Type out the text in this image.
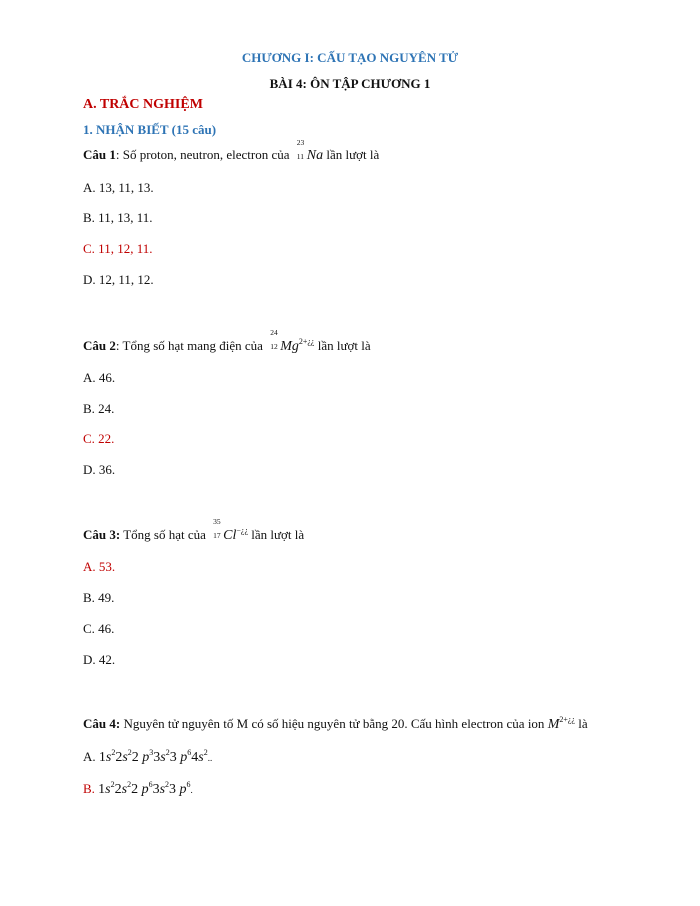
CHƯƠNG I: CẤU TẠO NGUYÊN TỬ
BÀI 4: ÔN TẬP CHƯƠNG 1
A. TRẮC NGHIỆM
1. NHẬN BIẾT (15 câu)
Câu 1: Số proton, neutron, electron của
23
11 Na lần lượt là
A. 13, 11, 13.
B. 11, 13, 11.
C. 11, 12, 11.
D. 12, 11, 12.
Câu 2: Tổng số hạt mang điện của
24
12 $Mg^{2+¿¿}$ lần lượt là
A. 46.
B. 24.
C. 22.
D. 36.
Câu 3: Tổng số hạt của
35
17 Cl−¿¿ lần lượt là
A. 53.
B. 49.
C. 46.
D. 42.
Câu 4: Nguyên tử nguyên tố M có số hiệu nguyên tử bằng 20. Cấu hình electron của ion $M^{2+¿¿}$ là
A. $1s^22s^22$ $p^33s^23$ $p^64s^2$..
B. $1s^22s^22$ $p^63s^23$ $p^6$.
